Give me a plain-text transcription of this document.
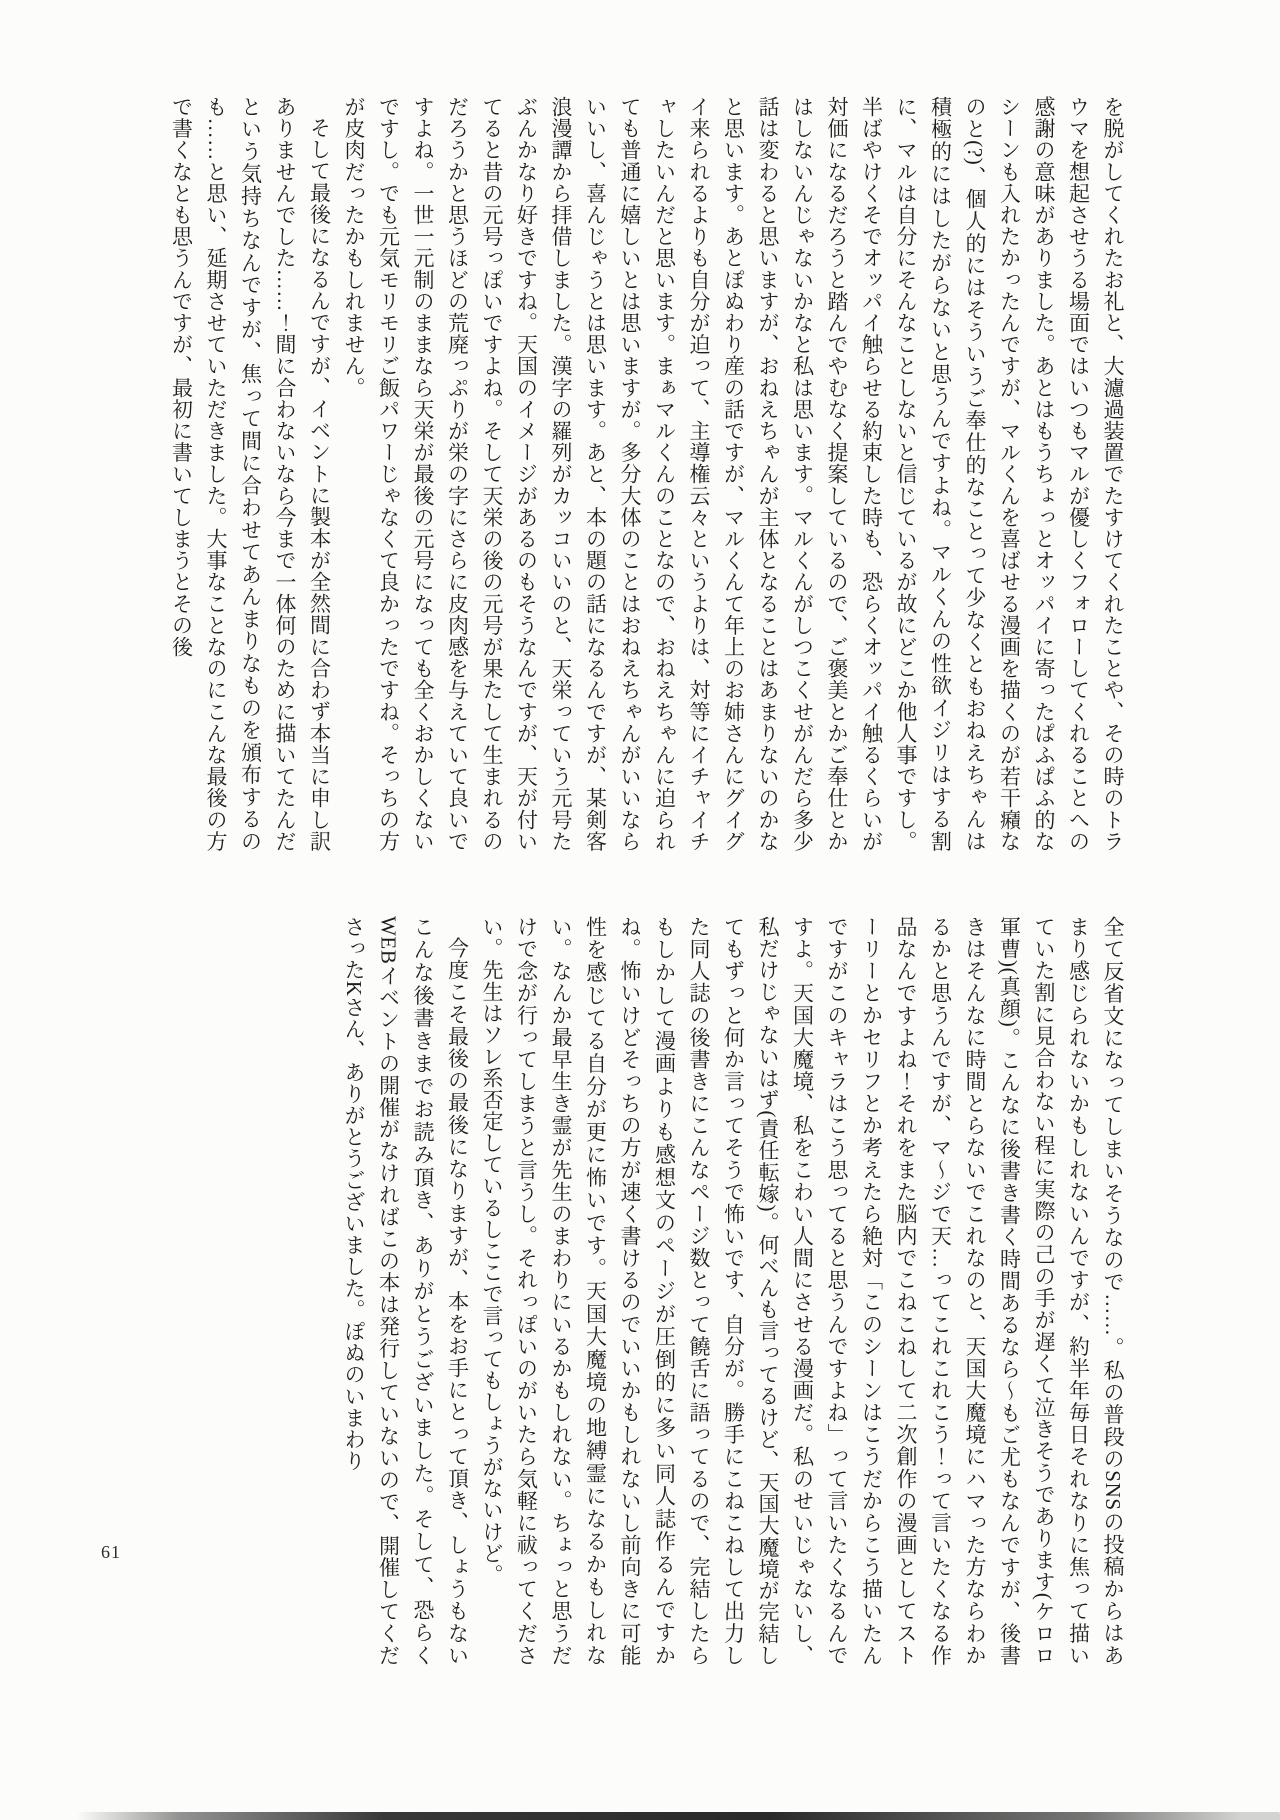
を脱がしてくれたお礼と、大濾過装置でたすけてくれたことや、その時のトラウマを想起させうる場面ではいつもマルが優しくフォローしてくれることへの感謝の意味がありました。あとはもうちょっとオッパイに寄ったぱふぱふ的なシーンも入れたかったんですが、マルくんを喜ばせる漫画を描くのが若干癪なのと(?)、個人的にはそういうご奉仕的なことって少なくともおねえちゃんは積極的にはしたがらないと思うんですよね。マルくんの性欲イジリはする割に、マルは自分にそんなことしないと信じているが故にどこか他人事ですし。半ばやけくそでオッパイ触らせる約束した時も、恐らくオッパイ触るくらいが対価になるだろうと踏んでやむなく提案しているので、ご褒美とかご奉仕とかはしないんじゃないかなと私は思います。マルくんがしつこくせがんだら多少話は変わると思いますが、おねえちゃんが主体となることはあまりないのかなと思います。あとぽぬわり産の話ですが、マルくんて年上のお姉さんにグイグイ来られるよりも自分が迫って、主導権云々というよりは、対等にイチャイチャしたいんだと思います。まぁマルくんのことなので、おねえちゃんに迫られても普通に嬉しいとは思いますが。多分大体のことはおねえちゃんがいいならいいし、喜んじゃうとは思います。あと、本の題の話になるんですが、某剣客浪漫譚から拝借しました。漢字の羅列がカッコいいのと、天栄っていう元号たぶんかなり好きですね。天国のイメージがあるのもそうなんですが、天が付いてると昔の元号っぽいですよね。そして天栄の後の元号が果たして生まれるのだろうかと思うほどの荒廃っぷりが栄の字にさらに皮肉感を与えていて良いですよね。一世一元制のままなら天栄が最後の元号になっても全くおかしくないですし。でも元気モリモリご飯パワーじゃなくて良かったですね。そっちの方が皮肉だったかもしれません。

そして最後になるんですが、イベントに製本が全然間に合わず本当に申し訳ありませんでした……！間に合わないなら今まで一体何のために描いてたんだという気持ちなんですが、焦って間に合わせてあんまりなものを頒布するのも……と思い、延期させていただきました。大事なことなのにこんな最後の方で書くなとも思うんですが、最初に書いてしまうとその後

全て反省文になってしまいそうなので……。私の普段のSNSの投稿からはあまり感じられないかもしれないんですが、約半年毎日それなりに焦って描いていた割に見合わない程に実際の己の手が遅くて泣きそうであります(ケロロ軍曹)(真顔)。こんなに後書き書く時間あるなら〜もご尤もなんですが、後書きはそんなに時間とらないでこれなのと、天国大魔境にハマった方ならわかるかと思うんですが、マ〜ジで天…ってこれこれこう！って言いたくなる作品なんですよね！それをまた脳内でこねこねして二次創作の漫画としてストーリーとかセリフとか考えたら絶対「このシーンはこうだからこう描いたんですがこのキャラはこう思ってると思うんですよね」って言いたくなるんですよ。天国大魔境、私をこわい人間にさせる漫画だ。私のせいじゃないし、私だけじゃないはず(責任転嫁)。何べんも言ってるけど、天国大魔境が完結してもずっと何か言ってそうで怖いです、自分が。勝手にこねこねして出力した同人誌の後書きにこんなページ数とって饒舌に語ってるので、完結したらもしかして漫画よりも感想文のページが圧倒的に多い同人誌作るんですかね。怖いけどそっちの方が速く書けるのでいいかもしれないし前向きに可能性を感じてる自分が更に怖いです。天国大魔境の地縛霊になるかもしれない。なんか最早生き霊が先生のまわりにいるかもしれない。ちょっと思うだけで念が行ってしまうと言うし。それっぽいのがいたら気軽に祓ってください。先生はソレ系否定しているしここで言ってもしょうがないけど。

今度こそ最後の最後になりますが、本をお手にとって頂き、しょうもないこんな後書きまでお読み頂き、ありがとうございました。そして、恐らくWEBイベントの開催がなければこの本は発行していないので、開催してくださったKさん、ありがとうございました。ぽぬのいまわり

61
